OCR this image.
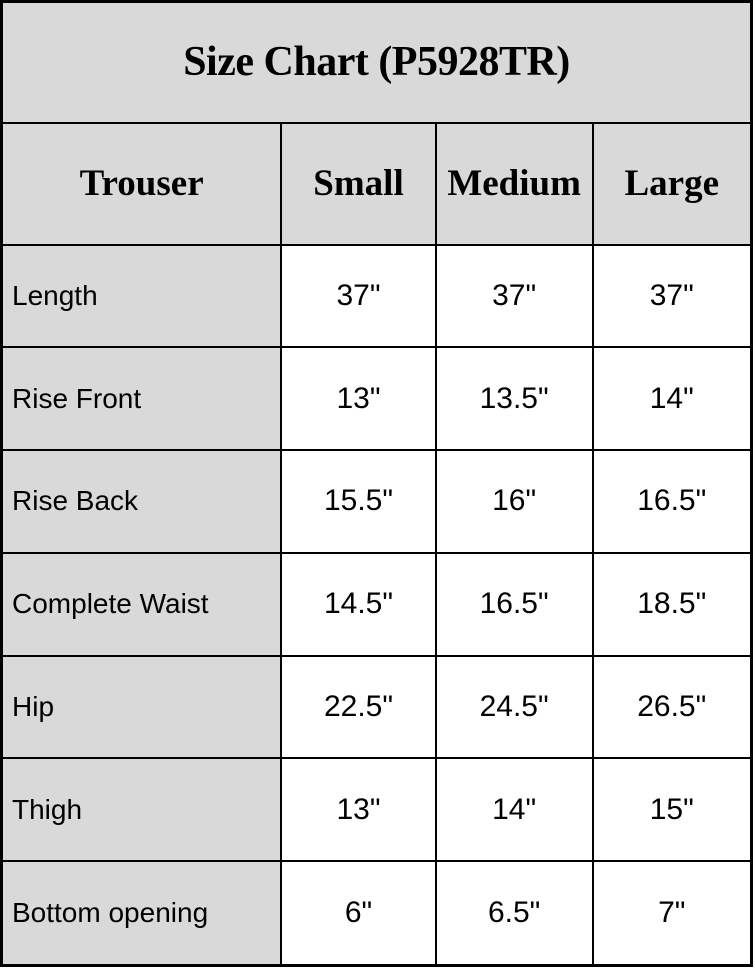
Size Chart (P5928TR)			
Trouser	Small	Medium	Large
Length	37"	37"	37"
Rise Front	13"	13.5"	14"
Rise Back	15.5"	16"	16.5"
Complete Waist	14.5"	16.5"	18.5"
Hip	22.5"	24.5"	26.5"
Thigh	13"	14"	15"
Bottom opening	6"	6.5"	7"
